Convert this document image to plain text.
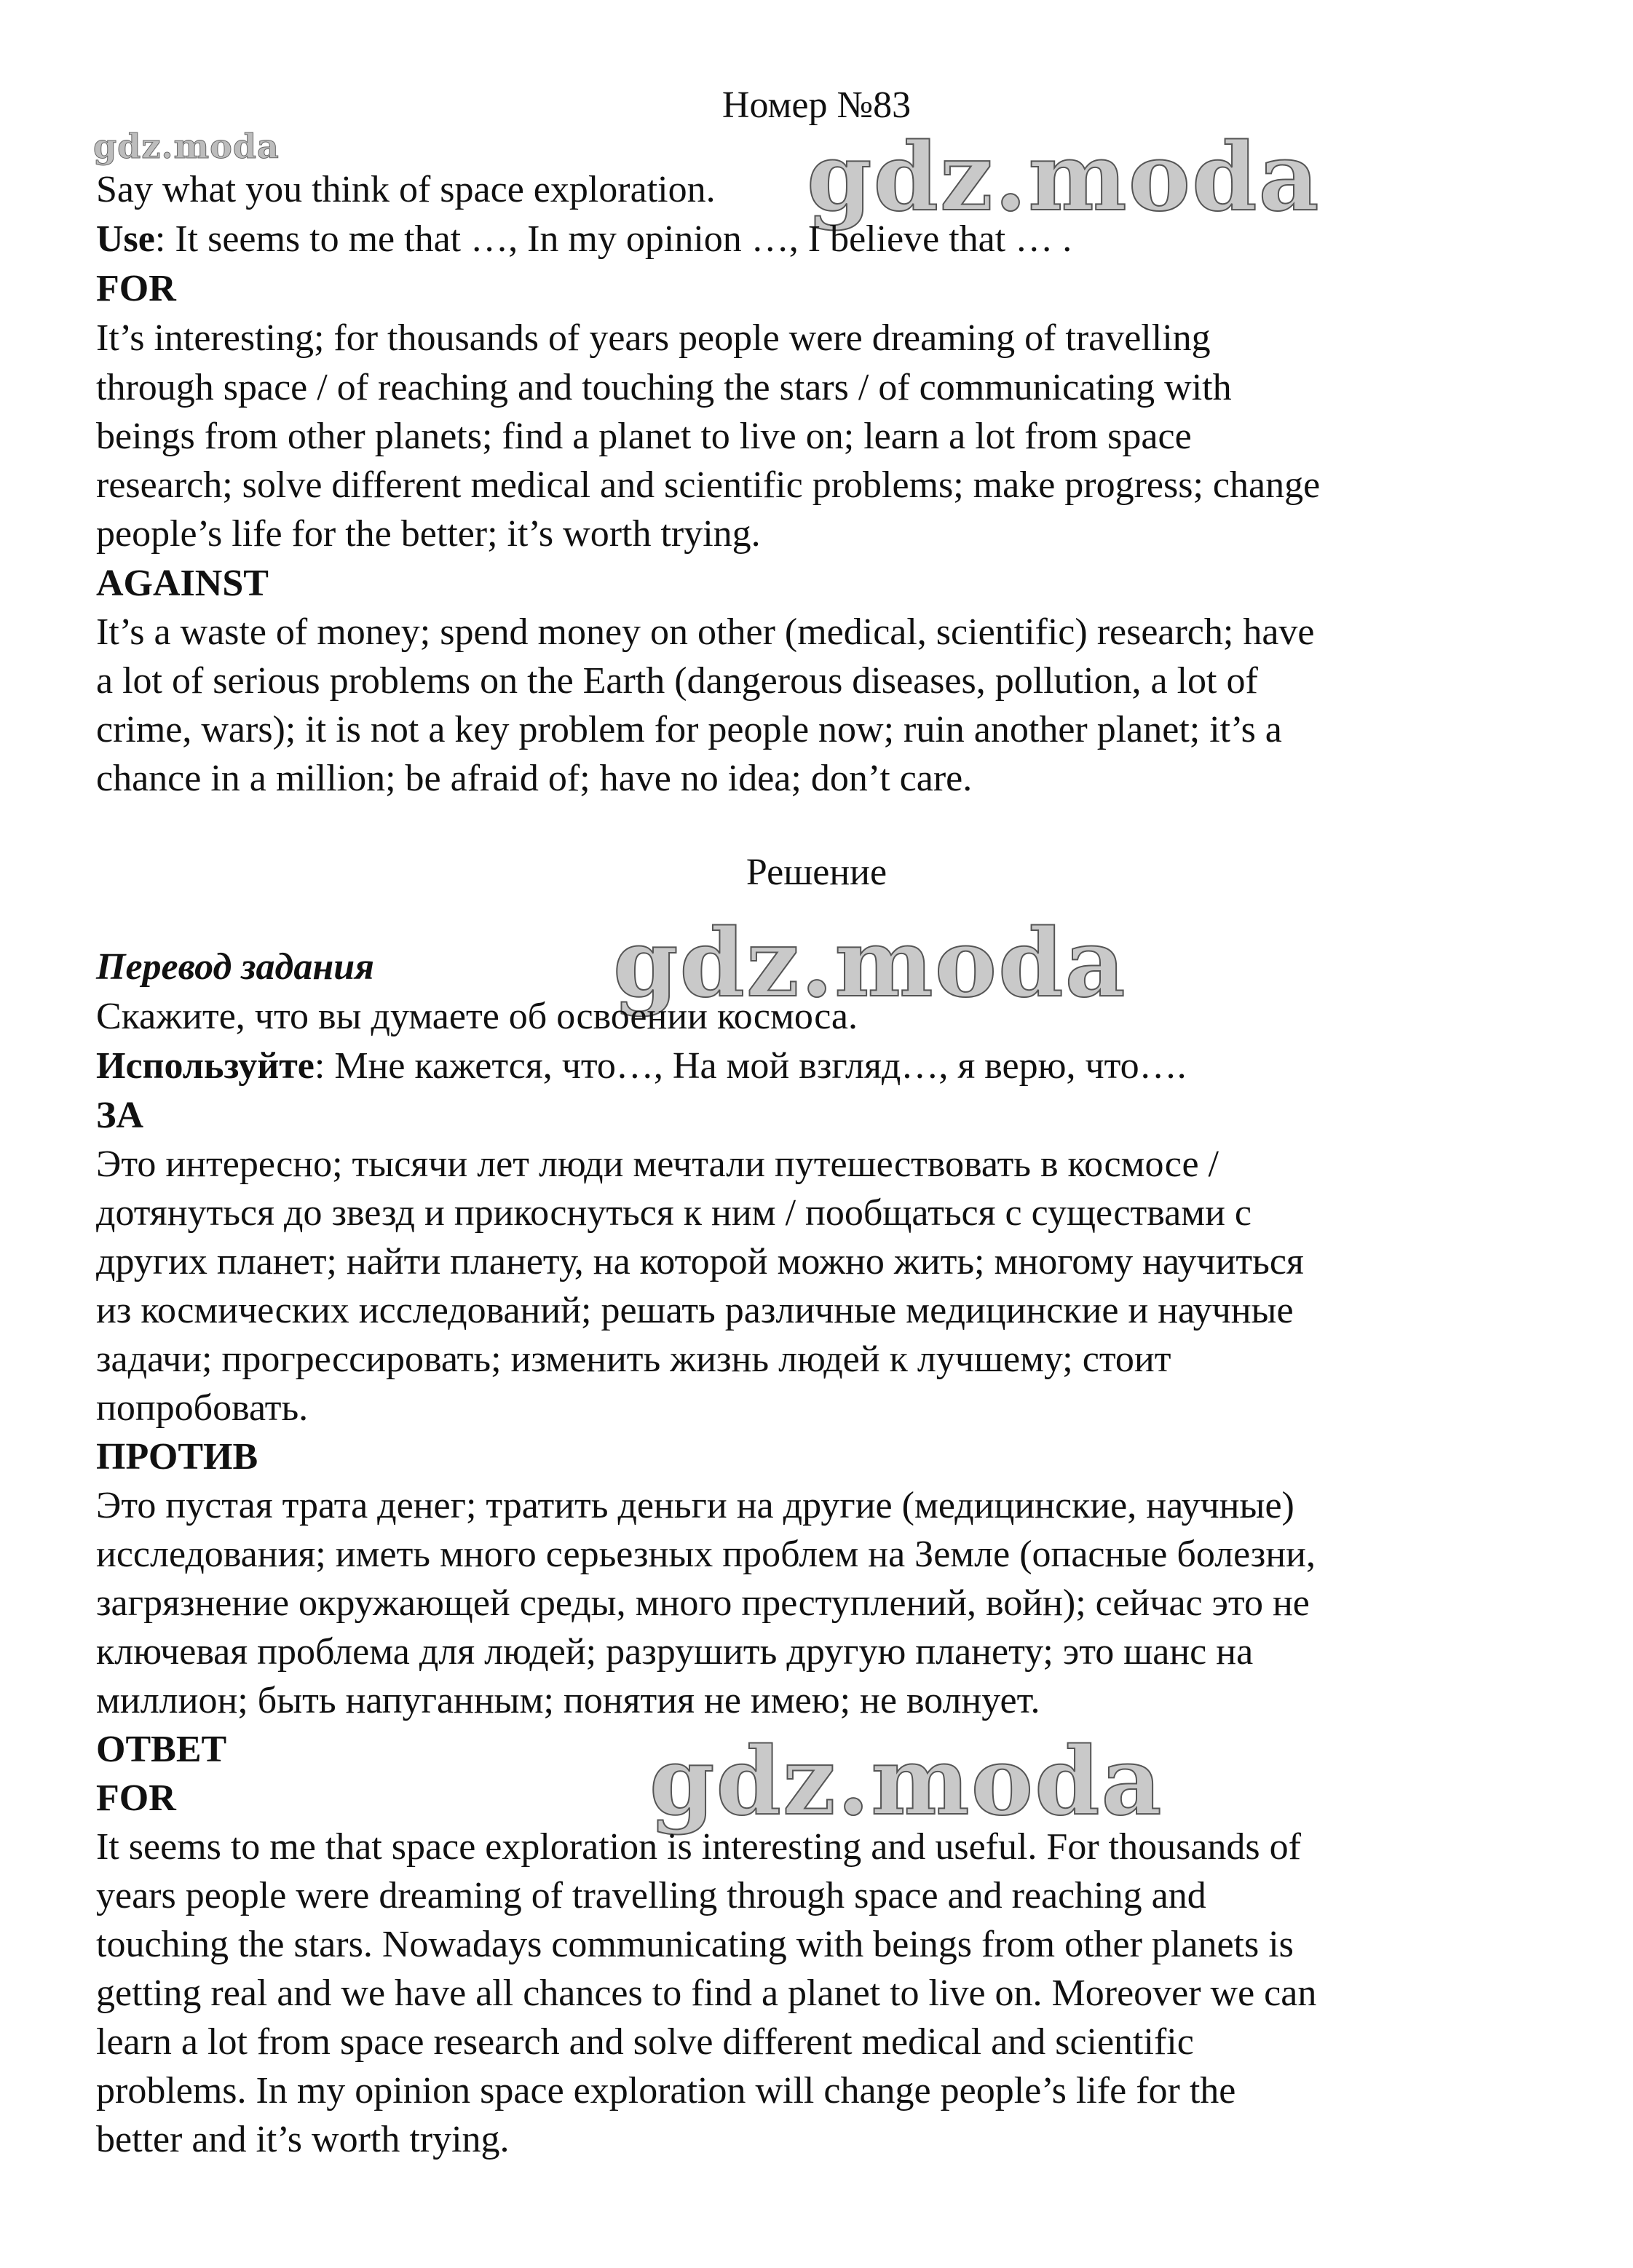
gdz.moda	gdz.moda
gdz.moda
gdz.moda
Номер №83
Say what you think of space exploration.
Use: It seems to me that …, In my opinion …, I believe that … .
FOR
It’s interesting; for thousands of years people were dreaming of travelling
through space / of reaching and touching the stars / of communicating with
beings from other planets; find a planet to live on; learn a lot from space
research; solve different medical and scientific problems; make progress; change
people’s life for the better; it’s worth trying.
AGAINST
It’s a waste of money; spend money on other (medical, scientific) research; have
a lot of serious problems on the Earth (dangerous diseases, pollution, a lot of
crime, wars); it is not a key problem for people now; ruin another planet; it’s a
chance in a million; be afraid of; have no idea; don’t care.
Решение
Перевод задания
Скажите, что вы думаете об освоении космоса.
Используйте: Мне кажется, что…, На мой взгляд…, я верю, что….
ЗА
Это интересно; тысячи лет люди мечтали путешествовать в космосе /
дотянуться до звезд и прикоснуться к ним / пообщаться с существами с
других планет; найти планету, на которой можно жить; многому научиться
из космических исследований; решать различные медицинские и научные
задачи; прогрессировать; изменить жизнь людей к лучшему; стоит
попробовать.
ПРОТИВ
Это пустая трата денег; тратить деньги на другие (медицинские, научные)
исследования; иметь много серьезных проблем на Земле (опасные болезни,
загрязнение окружающей среды, много преступлений, войн); сейчас это не
ключевая проблема для людей; разрушить другую планету; это шанс на
миллион; быть напуганным; понятия не имею; не волнует.
ОТВЕТ
FOR
It seems to me that space exploration is interesting and useful. For thousands of
years people were dreaming of travelling through space and reaching and
touching the stars. Nowadays communicating with beings from other planets is
getting real and we have all chances to find a planet to live on. Moreover we can
learn a lot from space research and solve different medical and scientific
problems. In my opinion space exploration will change people’s life for the
better and it’s worth trying.
